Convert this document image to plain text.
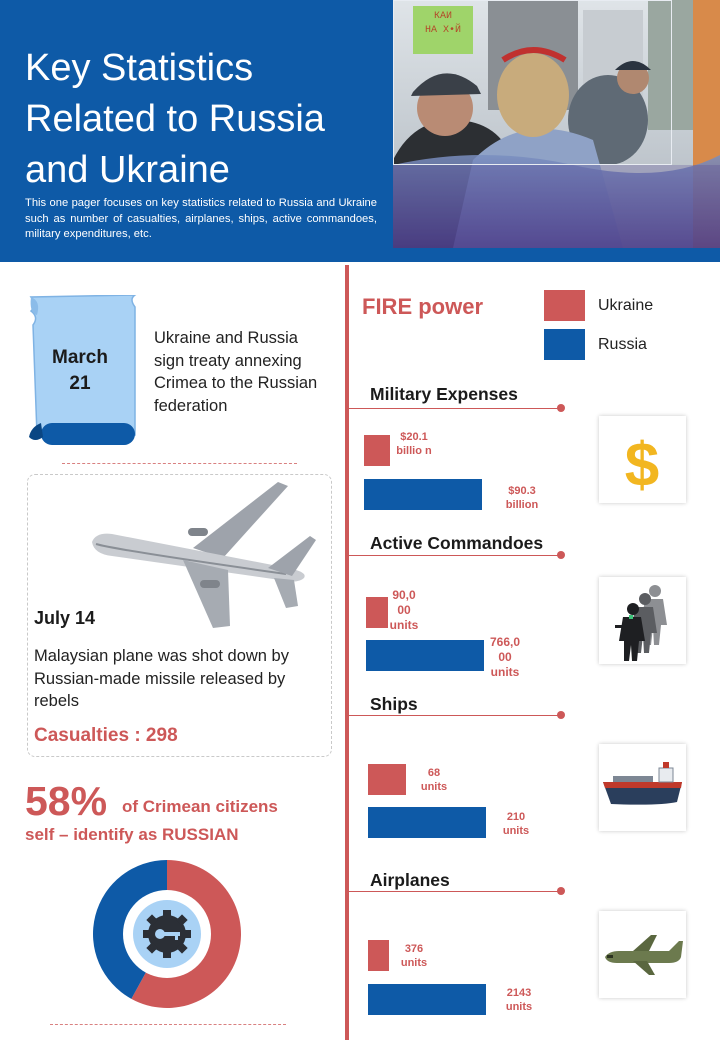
Key Statistics Related to Russia and Ukraine
This one pager focuses on key statistics related to Russia and Ukraine such as number of casualties, airplanes, ships, active commandoes, military expenditures, etc.
КАИ
НА Х•Й
March 21
Ukraine and Russia sign treaty annexing Crimea to the Russian federation
July 14
Malaysian plane was shot down by Russian-made missile released by rebels
Casualties : 298
58% of Crimean citizens
self – identify as RUSSIAN
FIRE power	Ukraine
Russia
Military Expenses
$20.1 billio n
$90.3 billion
$
Active Commandoes
90,0 00 units
766,0 00 units
Ships
68 units
210 units
Airplanes
376 units
2143 units
